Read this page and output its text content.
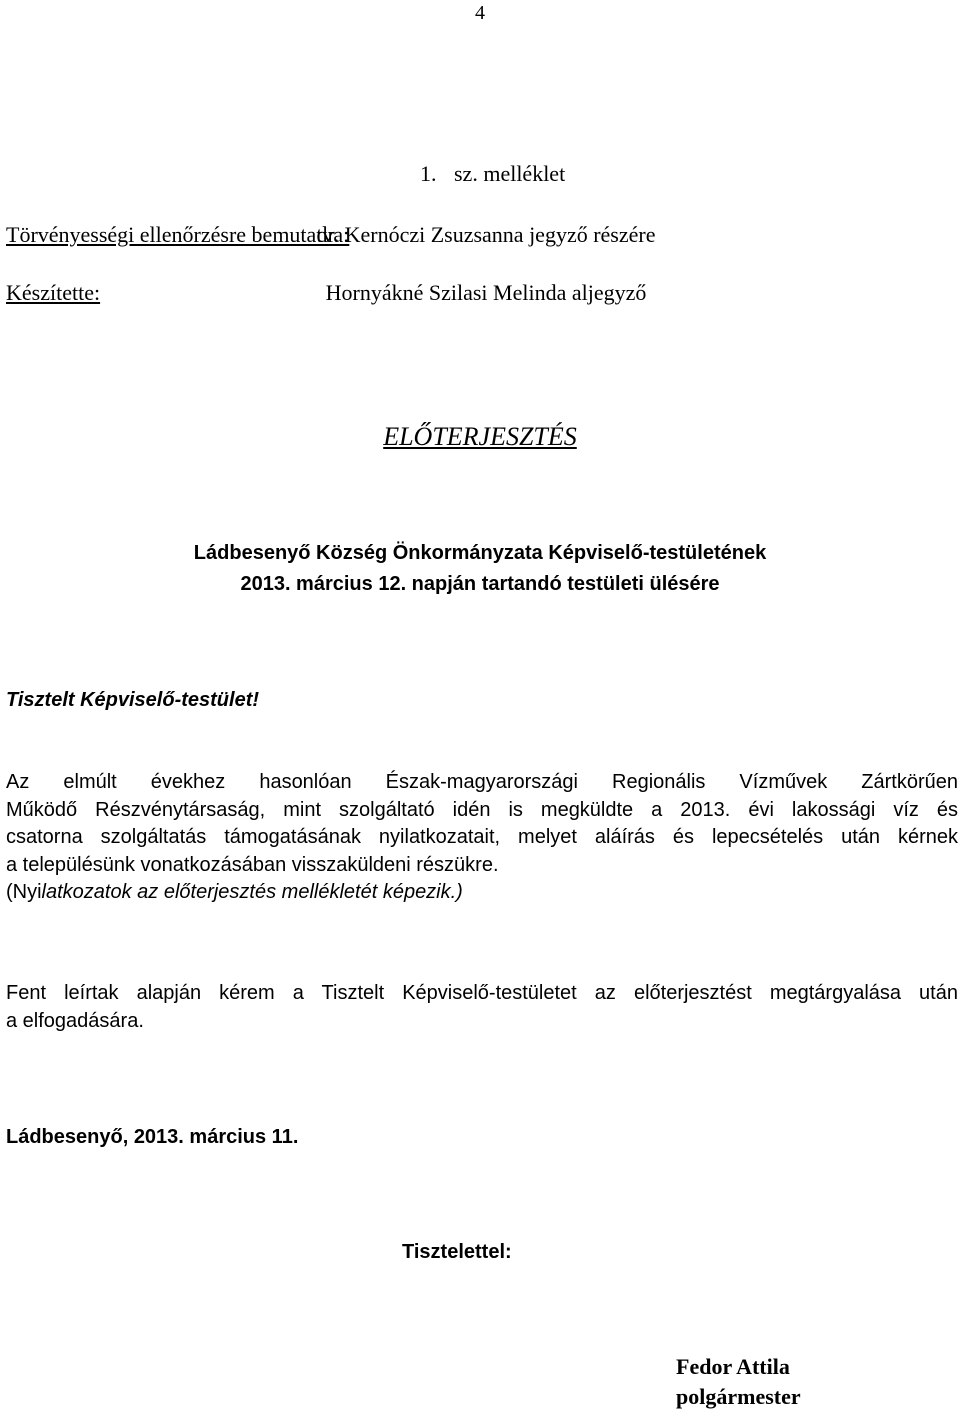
4
1. sz. melléklet
Törvényességi ellenőrzésre bemutatva:
dr. Kernóczi Zsuzsanna jegyző részére
Készítette:	Hornyákné Szilasi Melinda aljegyző
ELŐTERJESZTÉS
Ládbesenyő Község Önkormányzata Képviselő-testületének
2013. március 12. napján tartandó testületi ülésére
Tisztelt Képviselő-testület!
Az elmúlt évekhez hasonlóan Észak-magyarországi Regionális Vízművek Zártkörűen
Működő Részvénytársaság, mint szolgáltató idén is megküldte a 2013. évi lakossági víz és
csatorna szolgáltatás támogatásának nyilatkozatait, melyet aláírás és lepecsételés után kérnek
a településünk vonatkozásában visszaküldeni részükre.
(Nyilatkozatok az előterjesztés mellékletét képezik.)
Fent leírtak alapján kérem a Tisztelt Képviselő-testületet az előterjesztést megtárgyalása után
a elfogadására.
Ládbesenyő, 2013. március 11.
Tisztelettel:
Fedor Attila
polgármester
